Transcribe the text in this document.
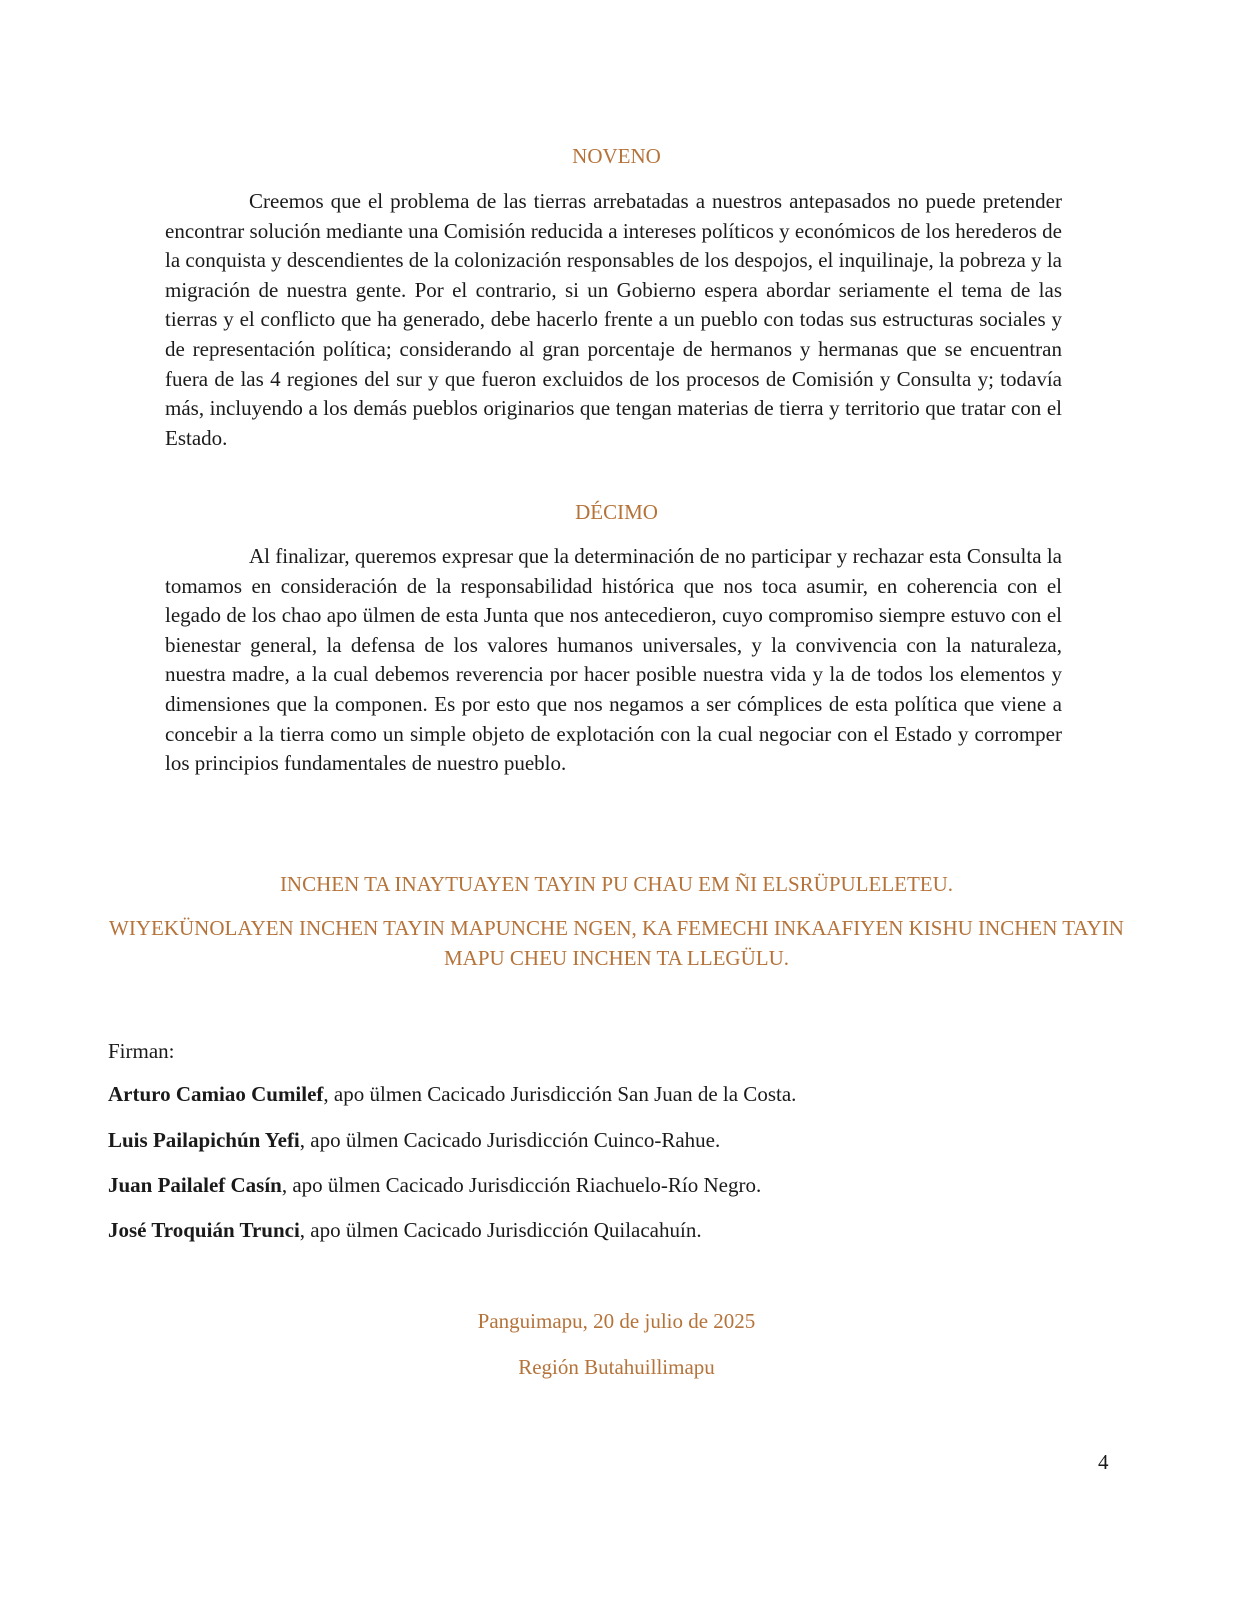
NOVENO

Creemos que el problema de las tierras arrebatadas a nuestros antepasados no puede pretender encontrar solución mediante una Comisión reducida a intereses políticos y económicos de los herederos de la conquista y descendientes de la colonización responsables de los despojos, el inquilinaje, la pobreza y la migración de nuestra gente. Por el contrario, si un Gobierno espera abordar seriamente el tema de las tierras y el conflicto que ha generado, debe hacerlo frente a un pueblo con todas sus estructuras sociales y de representación política; considerando al gran porcentaje de hermanos y hermanas que se encuentran fuera de las 4 regiones del sur y que fueron excluidos de los procesos de Comisión y Consulta y; todavía más, incluyendo a los demás pueblos originarios que tengan materias de tierra y territorio que tratar con el Estado.

DÉCIMO

Al finalizar, queremos expresar que la determinación de no participar y rechazar esta Consulta la tomamos en consideración de la responsabilidad histórica que nos toca asumir, en coherencia con el legado de los chao apo ülmen de esta Junta que nos antecedieron, cuyo compromiso siempre estuvo con el bienestar general, la defensa de los valores humanos universales, y la convivencia con la naturaleza, nuestra madre, a la cual debemos reverencia por hacer posible nuestra vida y la de todos los elementos y dimensiones que la componen. Es por esto que nos negamos a ser cómplices de esta política que viene a concebir a la tierra como un simple objeto de explotación con la cual negociar con el Estado y corromper los principios fundamentales de nuestro pueblo.

INCHEN TA INAYTUAYEN TAYIN PU CHAU EM ÑI ELSRÜPULELETEU.
WIYEKÜNOLAYEN INCHEN TAYIN MAPUNCHE NGEN, KA FEMECHI INKAAFIYEN KISHU INCHEN TAYIN MAPU CHEU INCHEN TA LLEGÜLU.
Firman:
Arturo Camiao Cumilef, apo ülmen Cacicado Jurisdicción San Juan de la Costa.
Luis Pailapichún Yefi, apo ülmen Cacicado Jurisdicción Cuinco-Rahue.
Juan Pailalef Casín, apo ülmen Cacicado Jurisdicción Riachuelo-Río Negro.
José Troquián Trunci, apo ülmen Cacicado Jurisdicción Quilacahuín.
Panguimapu, 20 de julio de 2025
Región Butahuillimapu
4
